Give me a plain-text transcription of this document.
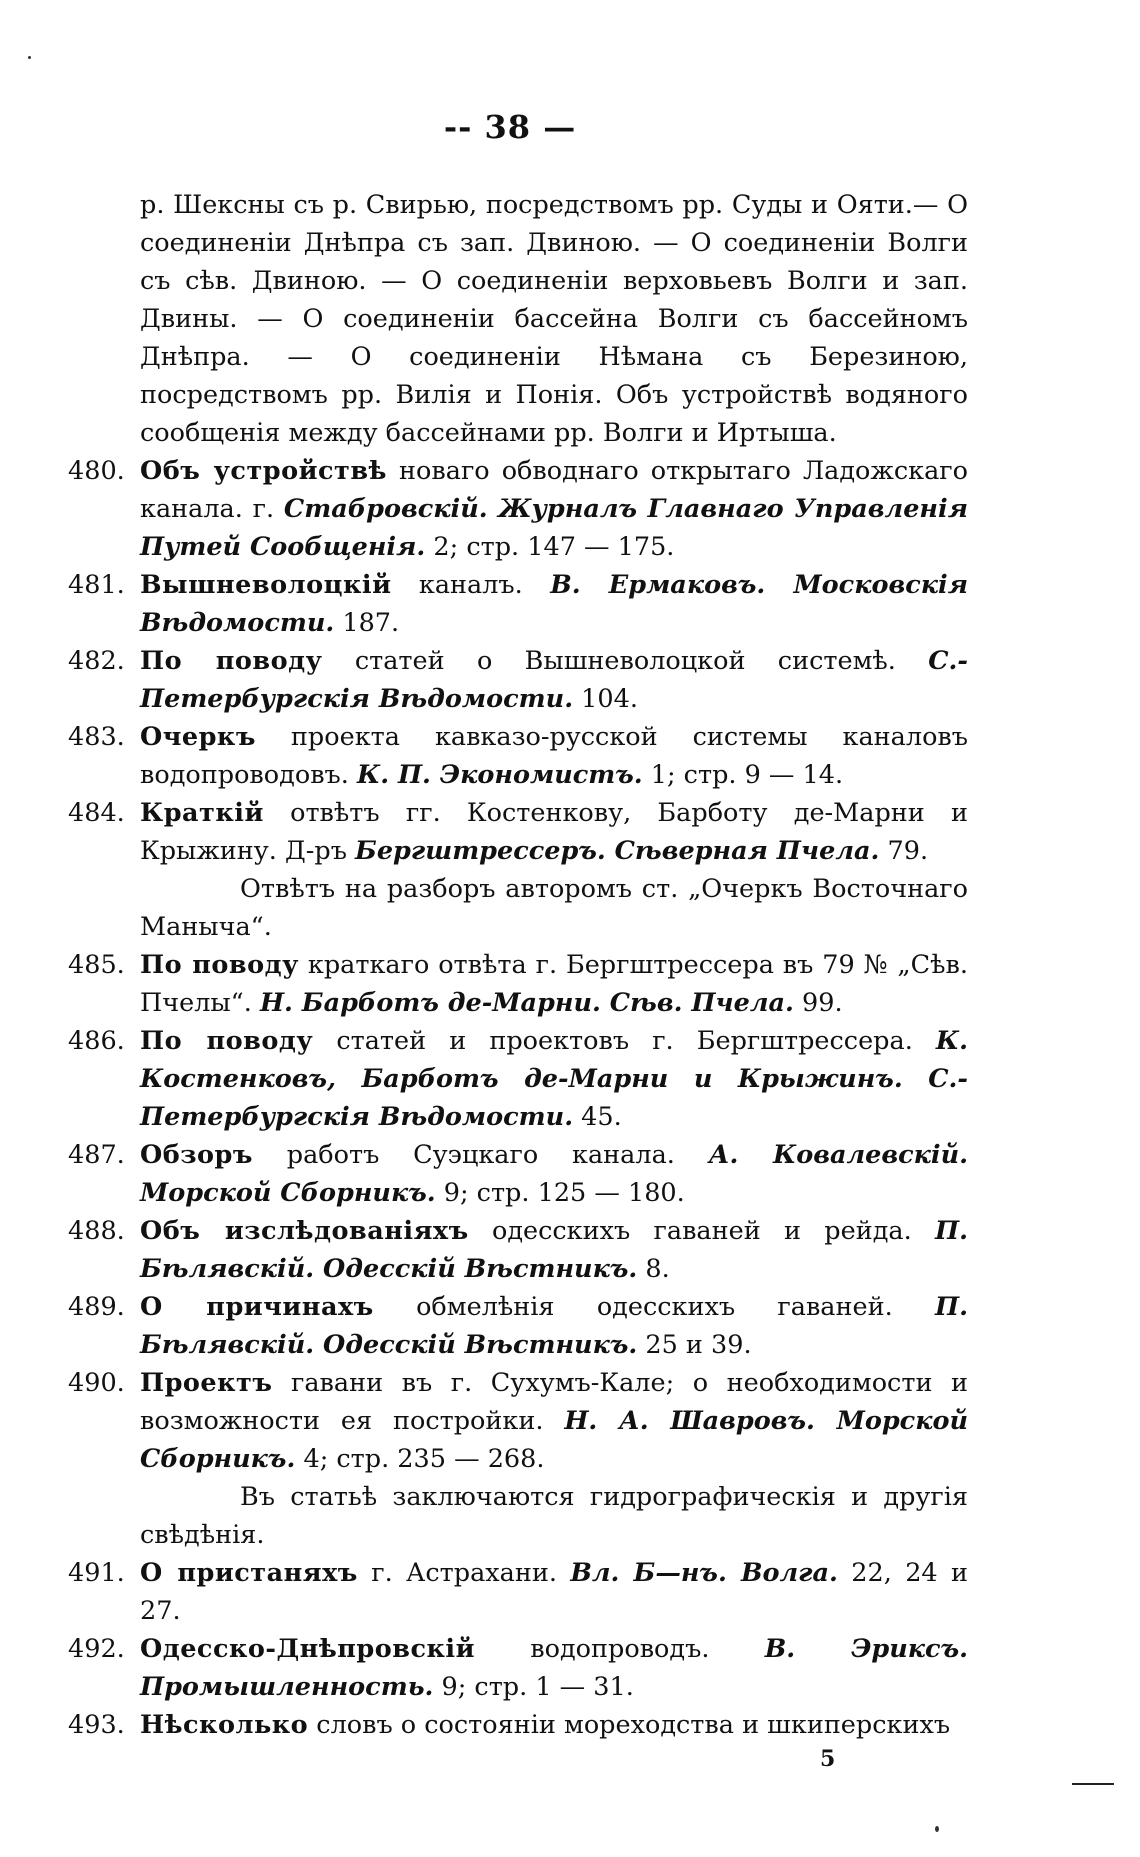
-- 38 —

р. Шексны съ р. Свирью, посредствомъ рр. Суды и Ояти.— О соединеніи Днѣпра съ зап. Двиною. — О соединеніи Волги съ сѣв. Двиною. — О соединеніи верховьевъ Волги и зап. Двины. — О соединеніи бассейна Волги съ бассейномъ Днѣпра. — О соединеніи Нѣмана съ Березиною, посредствомъ рр. Вилія и Понія. Объ устройствѣ водяного сообщенія между бассейнами рр. Волги и Иртыша.

480. Объ устройствѣ новаго обводнаго открытаго Ладожскаго канала. г. Стабровскій. Журналъ Главнаго Управленія Путей Сообщенія. 2; стр. 147 — 175.
481. Вышневолоцкій каналъ. В. Ермаковъ. Московскія Вѣдомости. 187.
482. По поводу статей о Вышневолоцкой системѣ. С.-Петербургскія Вѣдомости. 104.
483. Очеркъ проекта кавказо-русской системы каналовъ водопроводовъ. К. П. Экономистъ. 1; стр. 9 — 14.
484. Краткій отвѣтъ гг. Костенкову, Барботу де-Марни и Крыжину. Д-ръ Бергштрессеръ. Сѣверная Пчела. 79.
Отвѣтъ на разборъ авторомъ ст. „Очеркъ Восточнаго Маныча“.
485. По поводу краткаго отвѣта г. Бергштрессера въ 79 № „Сѣв. Пчелы“. Н. Барботъ де-Марни. Сѣв. Пчела. 99.
486. По поводу статей и проектовъ г. Бергштрессера. К. Костенковъ, Барботъ де-Марни и Крыжинъ. С.-Петербургскія Вѣдомости. 45.
487. Обзоръ работъ Суэцкаго канала. А. Ковалевскій. Морской Сборникъ. 9; стр. 125 — 180.
488. Объ изслѣдованіяхъ одесскихъ гаваней и рейда. П. Бѣлявскій. Одесскій Вѣстникъ. 8.
489. О причинахъ обмелѣнія одесскихъ гаваней. П. Бѣлявскій. Одесскій Вѣстникъ. 25 и 39.
490. Проектъ гавани въ г. Сухумъ-Кале; о необходимости и возможности ея постройки. Н. А. Шавровъ. Морской Сборникъ. 4; стр. 235 — 268.
Въ статьѣ заключаются гидрографическія и другія свѣдѣнія.
491. О пристаняхъ г. Астрахани. Вл. Б—нъ. Волга. 22, 24 и 27.
492. Одесско-Днѣпровскій водопроводъ. В. Эриксъ. Промышленность. 9; стр. 1 — 31.
493. Нѣсколько словъ о состояніи мореходства и шкиперскихъ
5
